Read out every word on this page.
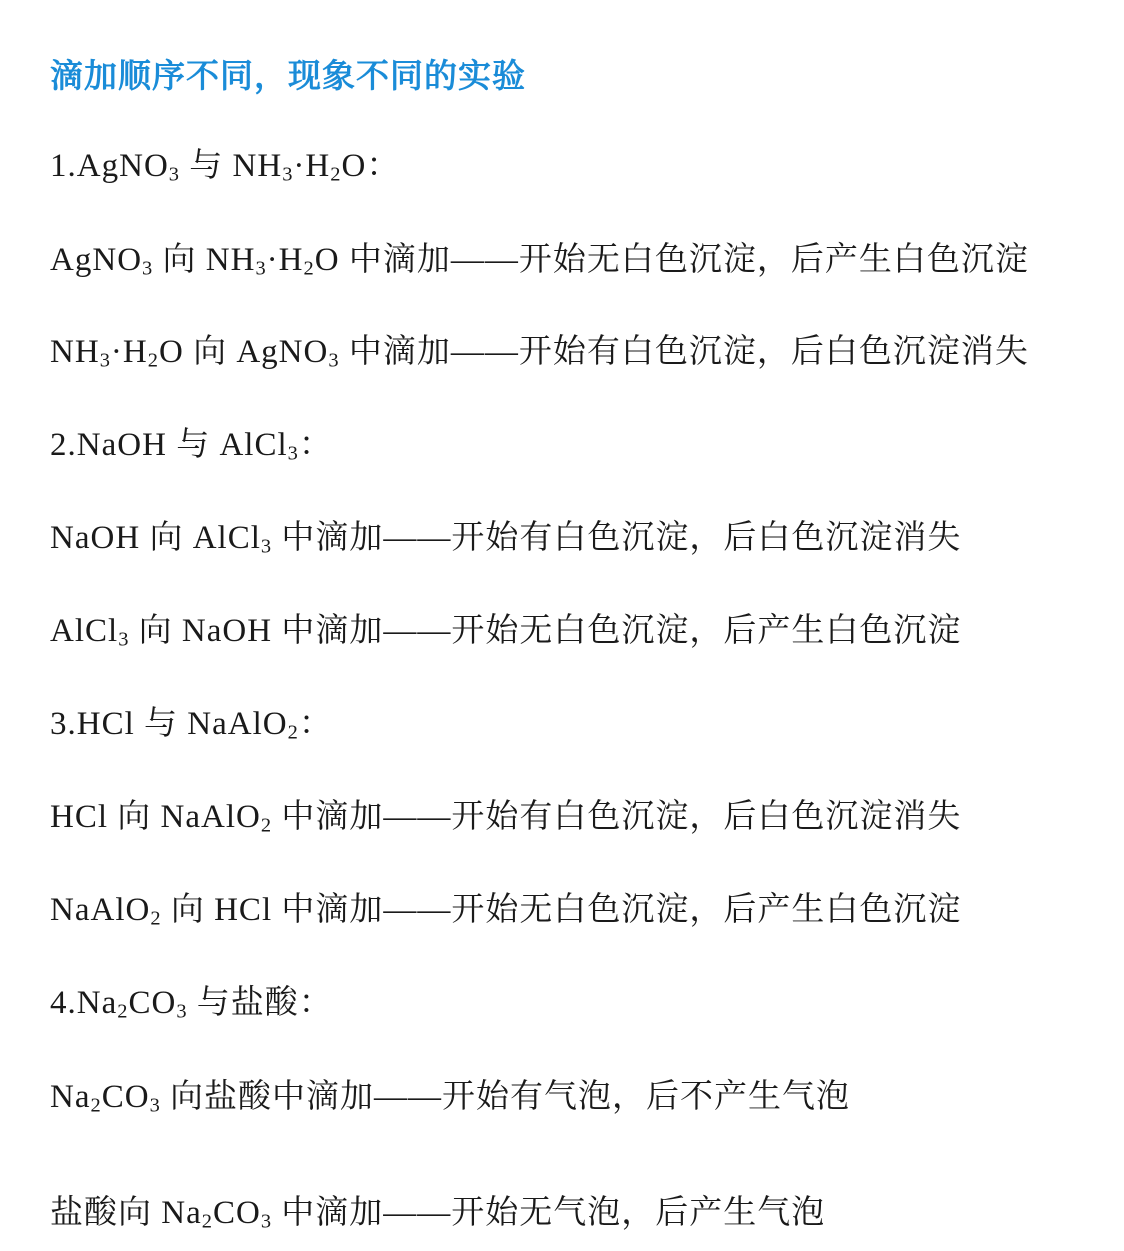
滴加顺序不同，现象不同的实验
1.AgNO$_3$ 与 $NH_3\cdot H_2O$：
AgNO$_3$ 向 $NH_3\cdot H_2O$ 中滴加——开始无白色沉淀，后产生白色沉淀
$NH_3\cdot H_2O$ 向 AgNO$_3$ 中滴加——开始有白色沉淀，后白色沉淀消失
2.NaOH 与 AlCl$_3$：
NaOH 向 AlCl$_3$ 中滴加——开始有白色沉淀，后白色沉淀消失
AlCl$_3$ 向 NaOH 中滴加——开始无白色沉淀，后产生白色沉淀
3.HCl 与 NaAlO$_2$：
HCl 向 NaAlO$_2$ 中滴加——开始有白色沉淀，后白色沉淀消失
NaAlO$_2$ 向 HCl 中滴加——开始无白色沉淀，后产生白色沉淀
$4.Na_2CO_3$ 与盐酸：
$Na_2CO_3$ 向盐酸中滴加——开始有气泡，后不产生气泡
盐酸向 $Na_2CO_3$ 中滴加——开始无气泡，后产生气泡
